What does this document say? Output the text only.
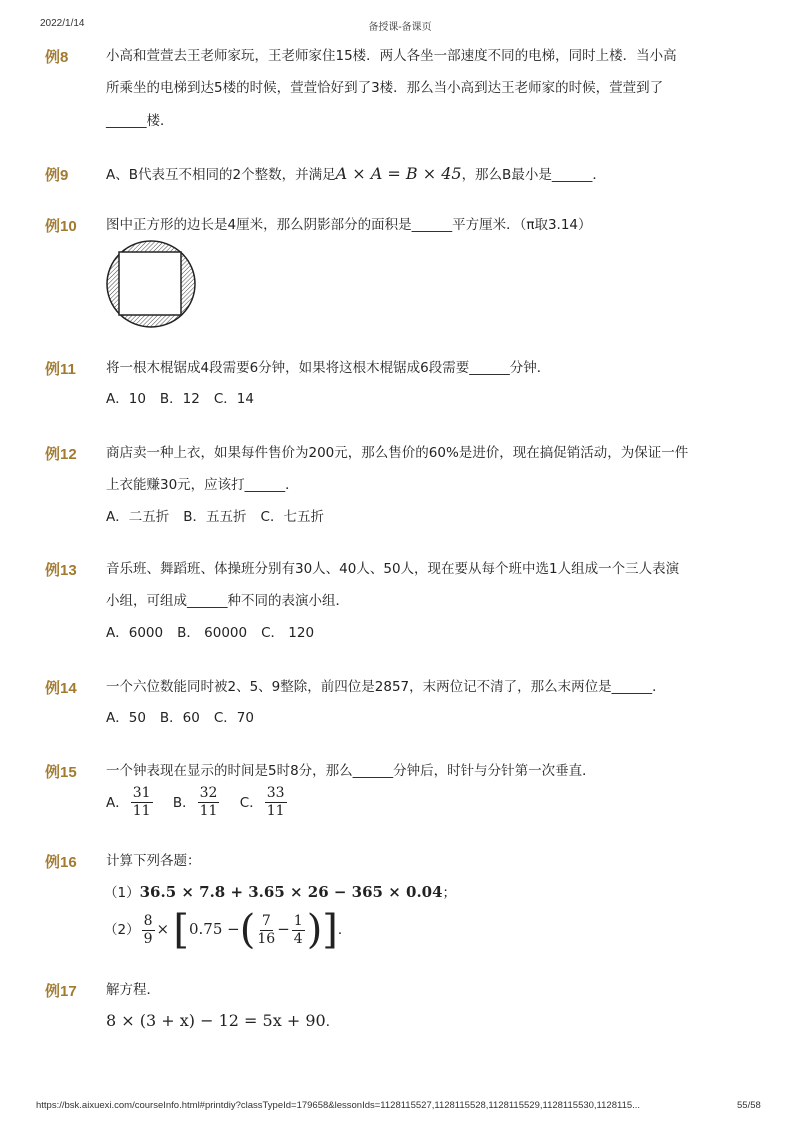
2022/1/14	备授课-备课页
例8	小高和萱萱去王老师家玩，王老师家住15楼．两人各坐一部速度不同的电梯，同时上楼．当小高
所乘坐的电梯到达5楼的时候，萱萱恰好到了3楼．那么当小高到达王老师家的时候，萱萱到了
______楼．
例9	A、B代表互不相同的2个整数，并满足A × A = B × 45，那么B最小是______．
例10 图中正方形的边长是4厘米，那么阴影部分的面积是______平方厘米．（π取3.14）
例11 将一根木棍锯成4段需要6分钟，如果将这根木棍锯成6段需要______分钟．
A．10 B．12 C．14
例12 商店卖一种上衣，如果每件售价为200元，那么售价的60%是进价，现在搞促销活动，为保证一件
上衣能赚30元，应该打______．
A．二五折 B．五五折 C．七五折
例13 音乐班、舞蹈班、体操班分别有30人、40人、50人，现在要从每个班中选1人组成一个三人表演
小组，可组成______种不同的表演小组．
A．6000 B． 60000 C． 120
例14 一个六位数能同时被2、5、9整除，前四位是2857，末两位记不清了，那么末两位是______．
A．50 B．60 C．70
例15 一个钟表现在显示的时间是5时8分，那么______分钟后，时针与分针第一次垂直．
A． $\frac{31}{11}$ B． $\frac{32}{11}$ C． $\frac{33}{11}$
例16 计算下列各题：
（1）36.5 × 7.8 + 3.65 × 26 − 365 × 0.04；
$(2) \frac{8}{9} \times [0.75$ −( $\frac{7}{16} - \frac{1}{4}$ )]．
例17 解方程．
8 × (3 + x) − 12 = 5x + 90．
https://bsk.aixuexi.com/courseInfo.html#printdiy?classTypeId=179658&lessonIds=1128115527,1128115528,1128115529,1128115530,1128115...	55/58
